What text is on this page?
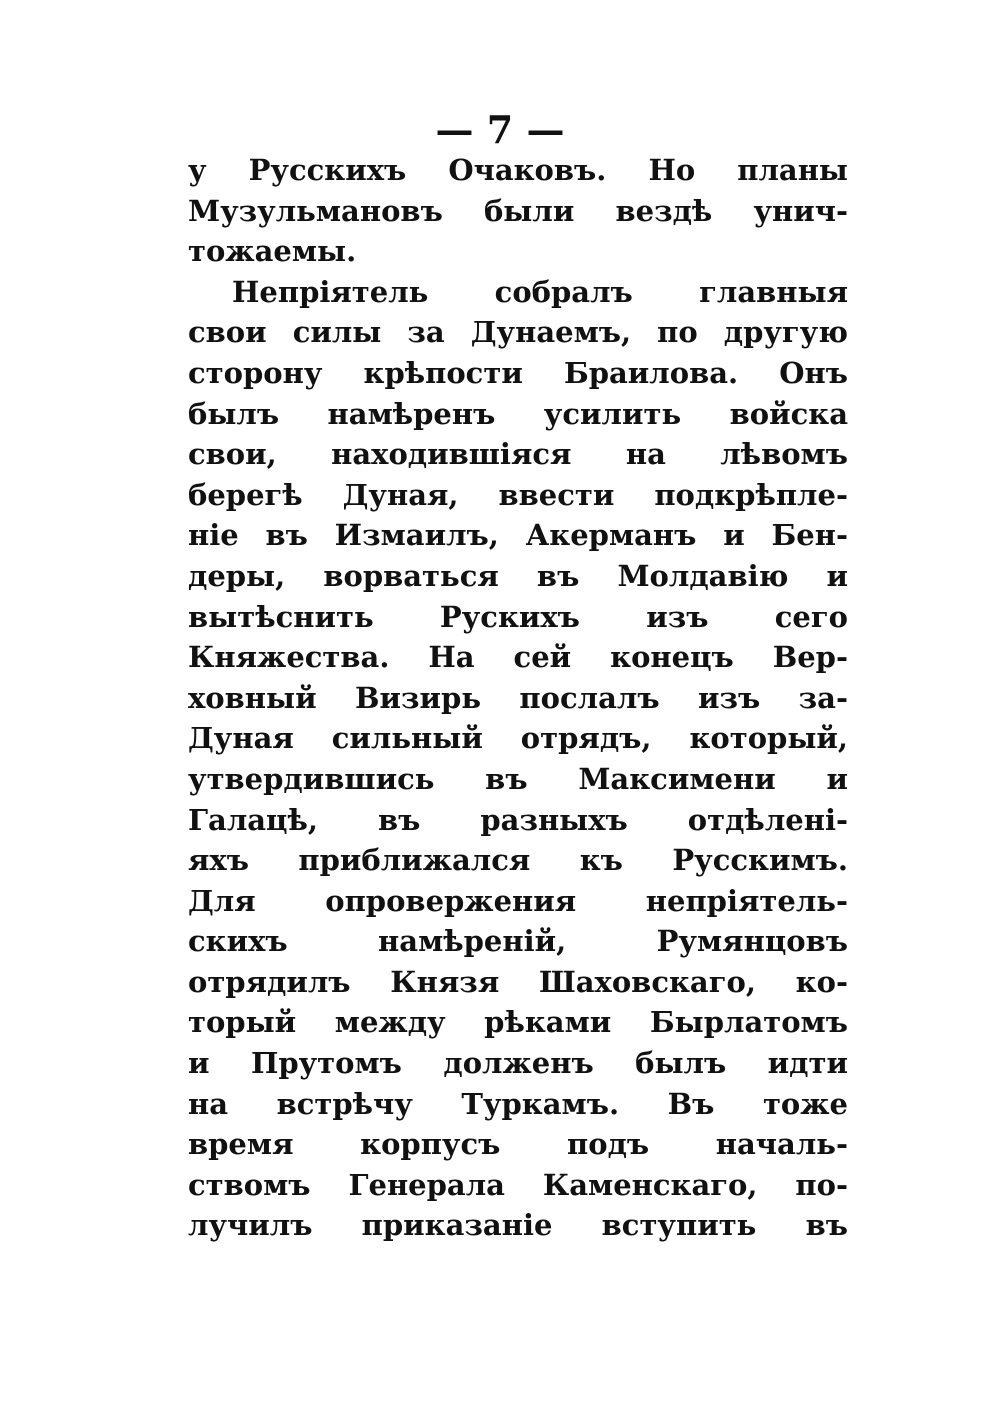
— 7 —
у Русскихъ Очаковъ. Но планы
Музульмановъ были вездѣ унич-
тожаемы.
Непріятель собралъ главныя
свои силы за Дунаемъ, по другую
сторону крѣпости Браилова. Онъ
былъ намѣренъ усилить войска
свои, находившіяся на лѣвомъ
берегѣ Дуная, ввести подкрѣпле-
ніе въ Измаилъ, Акерманъ и Бен-
деры, ворваться въ Молдавію и
вытѣснить Рускихъ изъ сего
Княжества. На сей конецъ Вер-
ховный Визирь послалъ изъ за-
Дуная сильный отрядъ, который,
утвердившись въ Максимени и
Галацѣ, въ разныхъ отдѣлені-
яхъ приближался къ Русскимъ.
Для опровержения непріятель-
скихъ намѣреній, Румянцовъ
отрядилъ Князя Шаховскаго, ко-
торый между рѣками Бырлатомъ
и Прутомъ долженъ былъ идти
на встрѣчу Туркамъ. Въ тоже
время корпусъ подъ началь-
ствомъ Генерала Каменскаго, по-
лучилъ приказаніе вступить въ
